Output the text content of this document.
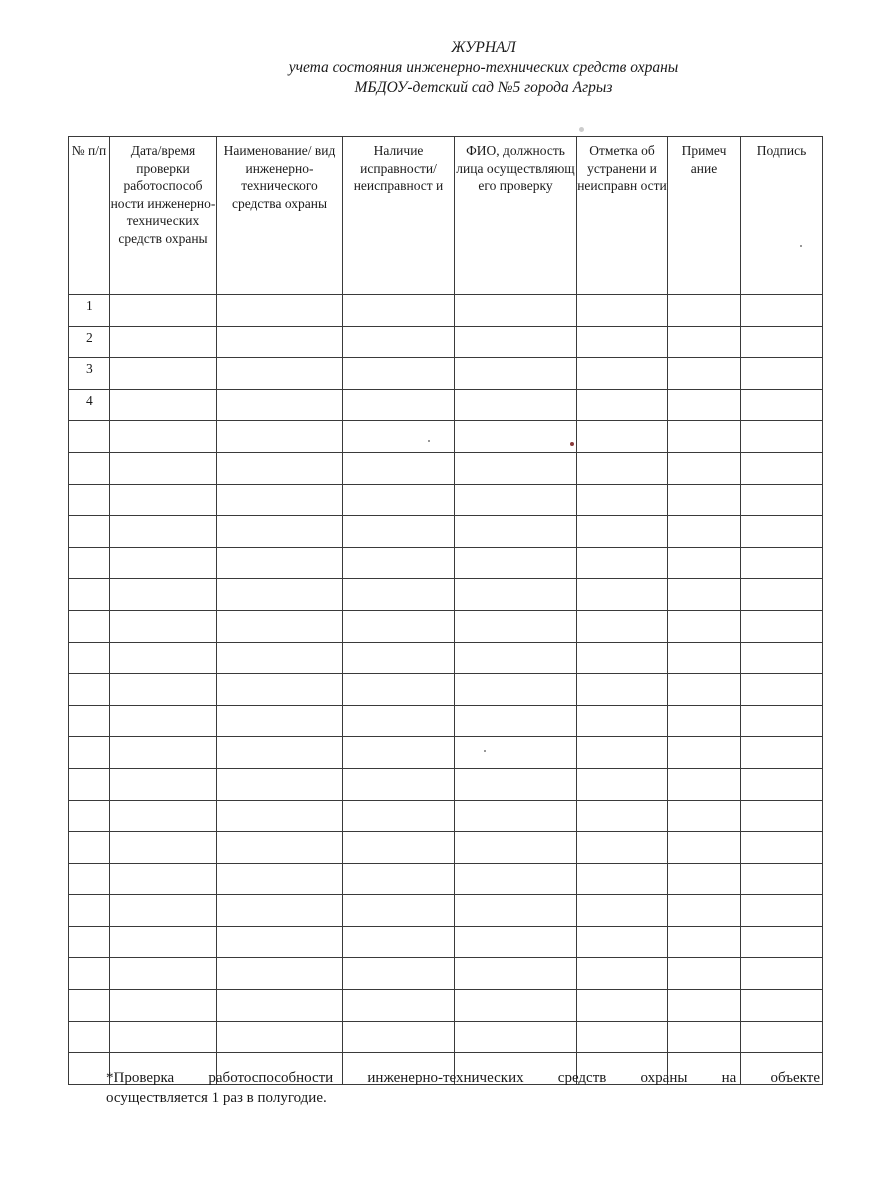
ЖУРНАЛ
учета состояния инженерно-технических средств охраны
МБДОУ-детский сад №5 города Агрыз
№ п/п	Дата/время проверки работоспособ ности инженерно-технических средств охраны	Наименование/ вид инженерно-технического средства охраны	Наличие исправности/ неисправност и	ФИО, должность лица осуществляющ его проверку	Отметка об устранени и неисправн ости	Примеч ание	Подпись
1							
2							
3							
4							

*Проверка работоспособности инженерно-технических средств охраны на объекте
осуществляется 1 раз в полугодие.
